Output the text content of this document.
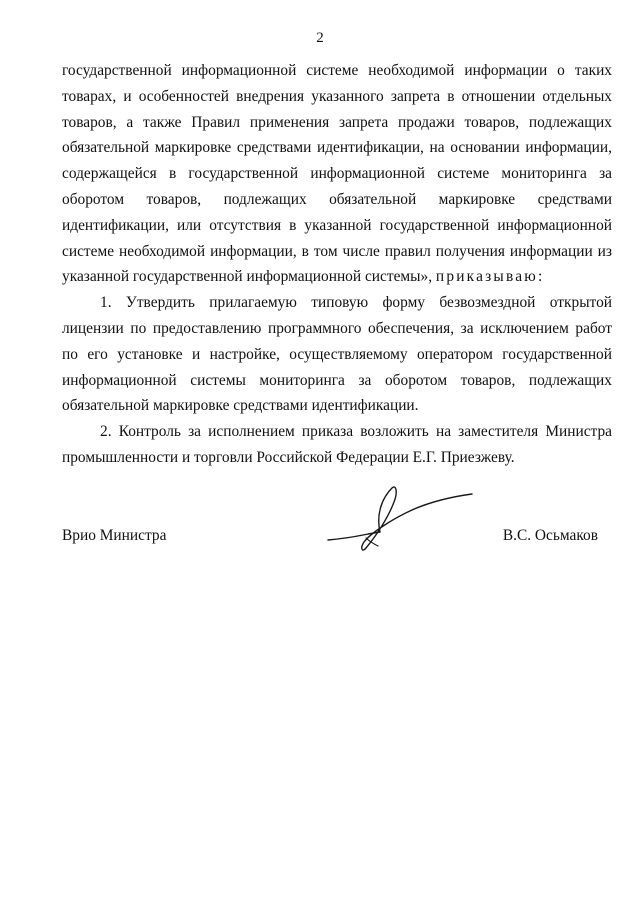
2

государственной информационной системе необходимой информации о таких товарах, и особенностей внедрения указанного запрета в отношении отдельных товаров, а также Правил применения запрета продажи товаров, подлежащих обязательной маркировке средствами идентификации, на основании информации, содержащейся в государственной информационной системе мониторинга за оборотом товаров, подлежащих обязательной маркировке средствами идентификации, или отсутствия в указанной государственной информационной системе необходимой информации, в том числе правил получения информации из указанной государственной информационной системы», приказываю:

1. Утвердить прилагаемую типовую форму безвозмездной открытой лицензии по предоставлению программного обеспечения, за исключением работ по его установке и настройке, осуществляемому оператором государственной информационной системы мониторинга за оборотом товаров, подлежащих обязательной маркировке средствами идентификации.

2. Контроль за исполнением приказа возложить на заместителя Министра промышленности и торговли Российской Федерации Е.Г. Приезжеву.

Врио Министра	В.С. Осьмаков
